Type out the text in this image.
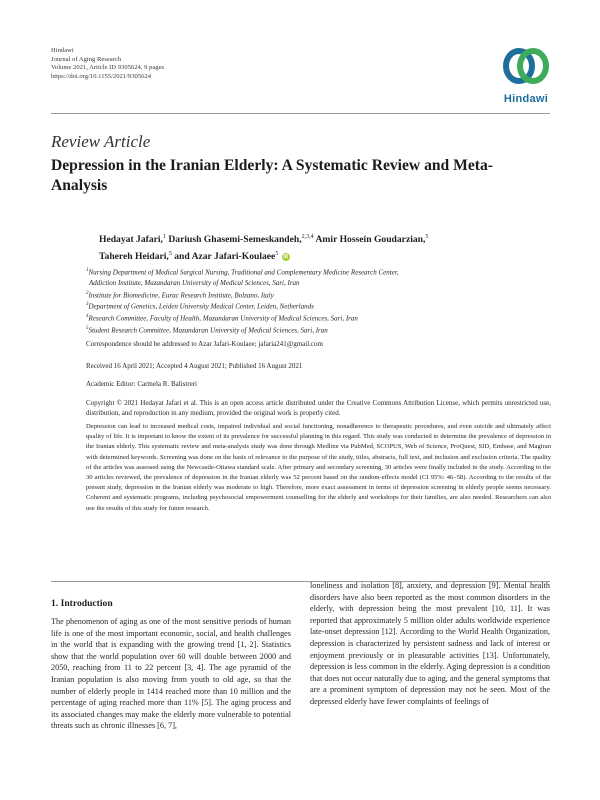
Hindawi
Journal of Aging Research
Volume 2021, Article ID 9305624, 9 pages
https://doi.org/10.1155/2021/9305624
Hindawi
Review Article
Depression in the Iranian Elderly: A Systematic Review and Meta-Analysis
Hedayat Jafari,$^1$ Dariush Ghasemi-Semeskandeh,$^{2,3,4}$ Amir Hossein Goudarzian,$^5$
Tahereh Heidari,$^5$ and Azar Jafari-Koulaee$^5$ iD
$^1$Nursing Department of Medical Surgical Nursing, Traditional and Complementary Medicine Research Center,
Addiction Institute, Mazandaran University of Medical Sciences, Sari, Iran
$^2$Institute for Biomedicine, Eurac Research Institute, Bolzano, Italy
$^3$Department of Genetics, Leiden University Medical Center, Leiden, Netherlands
$^4$Research Committee, Faculty of Health, Mazandaran University of Medical Sciences, Sari, Iran
$^5$Student Research Committee, Mazandaran University of Medical Sciences, Sari, Iran
Correspondence should be addressed to Azar Jafari-Koulaee; jafaria241@gmail.com
Received 16 April 2021; Accepted 4 August 2021; Published 16 August 2021
Academic Editor: Carmela R. Balistreri
Copyright © 2021 Hedayat Jafari et al. This is an open access article distributed under the Creative Commons Attribution License, which permits unrestricted use, distribution, and reproduction in any medium, provided the original work is properly cited.
Depression can lead to increased medical costs, impaired individual and social functioning, nonadherence to therapeutic procedures, and even suicide and ultimately affect quality of life. It is important to know the extent of its prevalence for successful planning in this regard. This study was conducted to determine the prevalence of depression in the Iranian elderly. This systematic review and meta-analysis study was done through Medline via PubMed, SCOPUS, Web of Science, ProQuest, SID, Embase, and Magiran with determined keywords. Screening was done on the basis of relevance to the purpose of the study, titles, abstracts, full text, and inclusion and exclusion criteria. The quality of the articles was assessed using the Newcastle-Ottawa standard scale. After primary and secondary screening, 30 articles were finally included in the study. According to the 30 articles reviewed, the prevalence of depression in the Iranian elderly was 52 percent based on the random-effects model (CI 95%: 46–58). According to the results of the present study, depression in the Iranian elderly was moderate to high. Therefore, more exact assessment in terms of depression screening in elderly people seems necessary. Coherent and systematic programs, including psychosocial empowerment counselling for the elderly and workshops for their families, are also needed. Researchers can also use the results of this study for future research.
1. Introduction
The phenomenon of aging as one of the most sensitive periods of human life is one of the most important economic, social, and health challenges in the world that is expanding with the growing trend [1, 2]. Statistics show that the world population over 60 will double between 2000 and 2050, reaching from 11 to 22 percent [3, 4]. The age pyramid of the Iranian population is also moving from youth to old age, so that the number of elderly people in 1414 reached more than 10 million and the percentage of aging reached more than 11% [5]. The aging process and its associated changes may make the elderly more vulnerable to potential threats such as chronic illnesses [6, 7],
loneliness and isolation [8], anxiety, and depression [9]. Mental health disorders have also been reported as the most common disorders in the elderly, with depression being the most prevalent [10, 11]. It was reported that approximately 5 million older adults worldwide experience late-onset depression [12]. According to the World Health Organization, depression is characterized by persistent sadness and lack of interest or enjoyment previously or in pleasurable activities [13]. Unfortunately, depression is less common in the elderly. Aging depression is a condition that does not occur naturally due to aging, and the general symptoms that are a prominent symptom of depression may not be seen. Most of the depressed elderly have fewer complaints of feelings of
